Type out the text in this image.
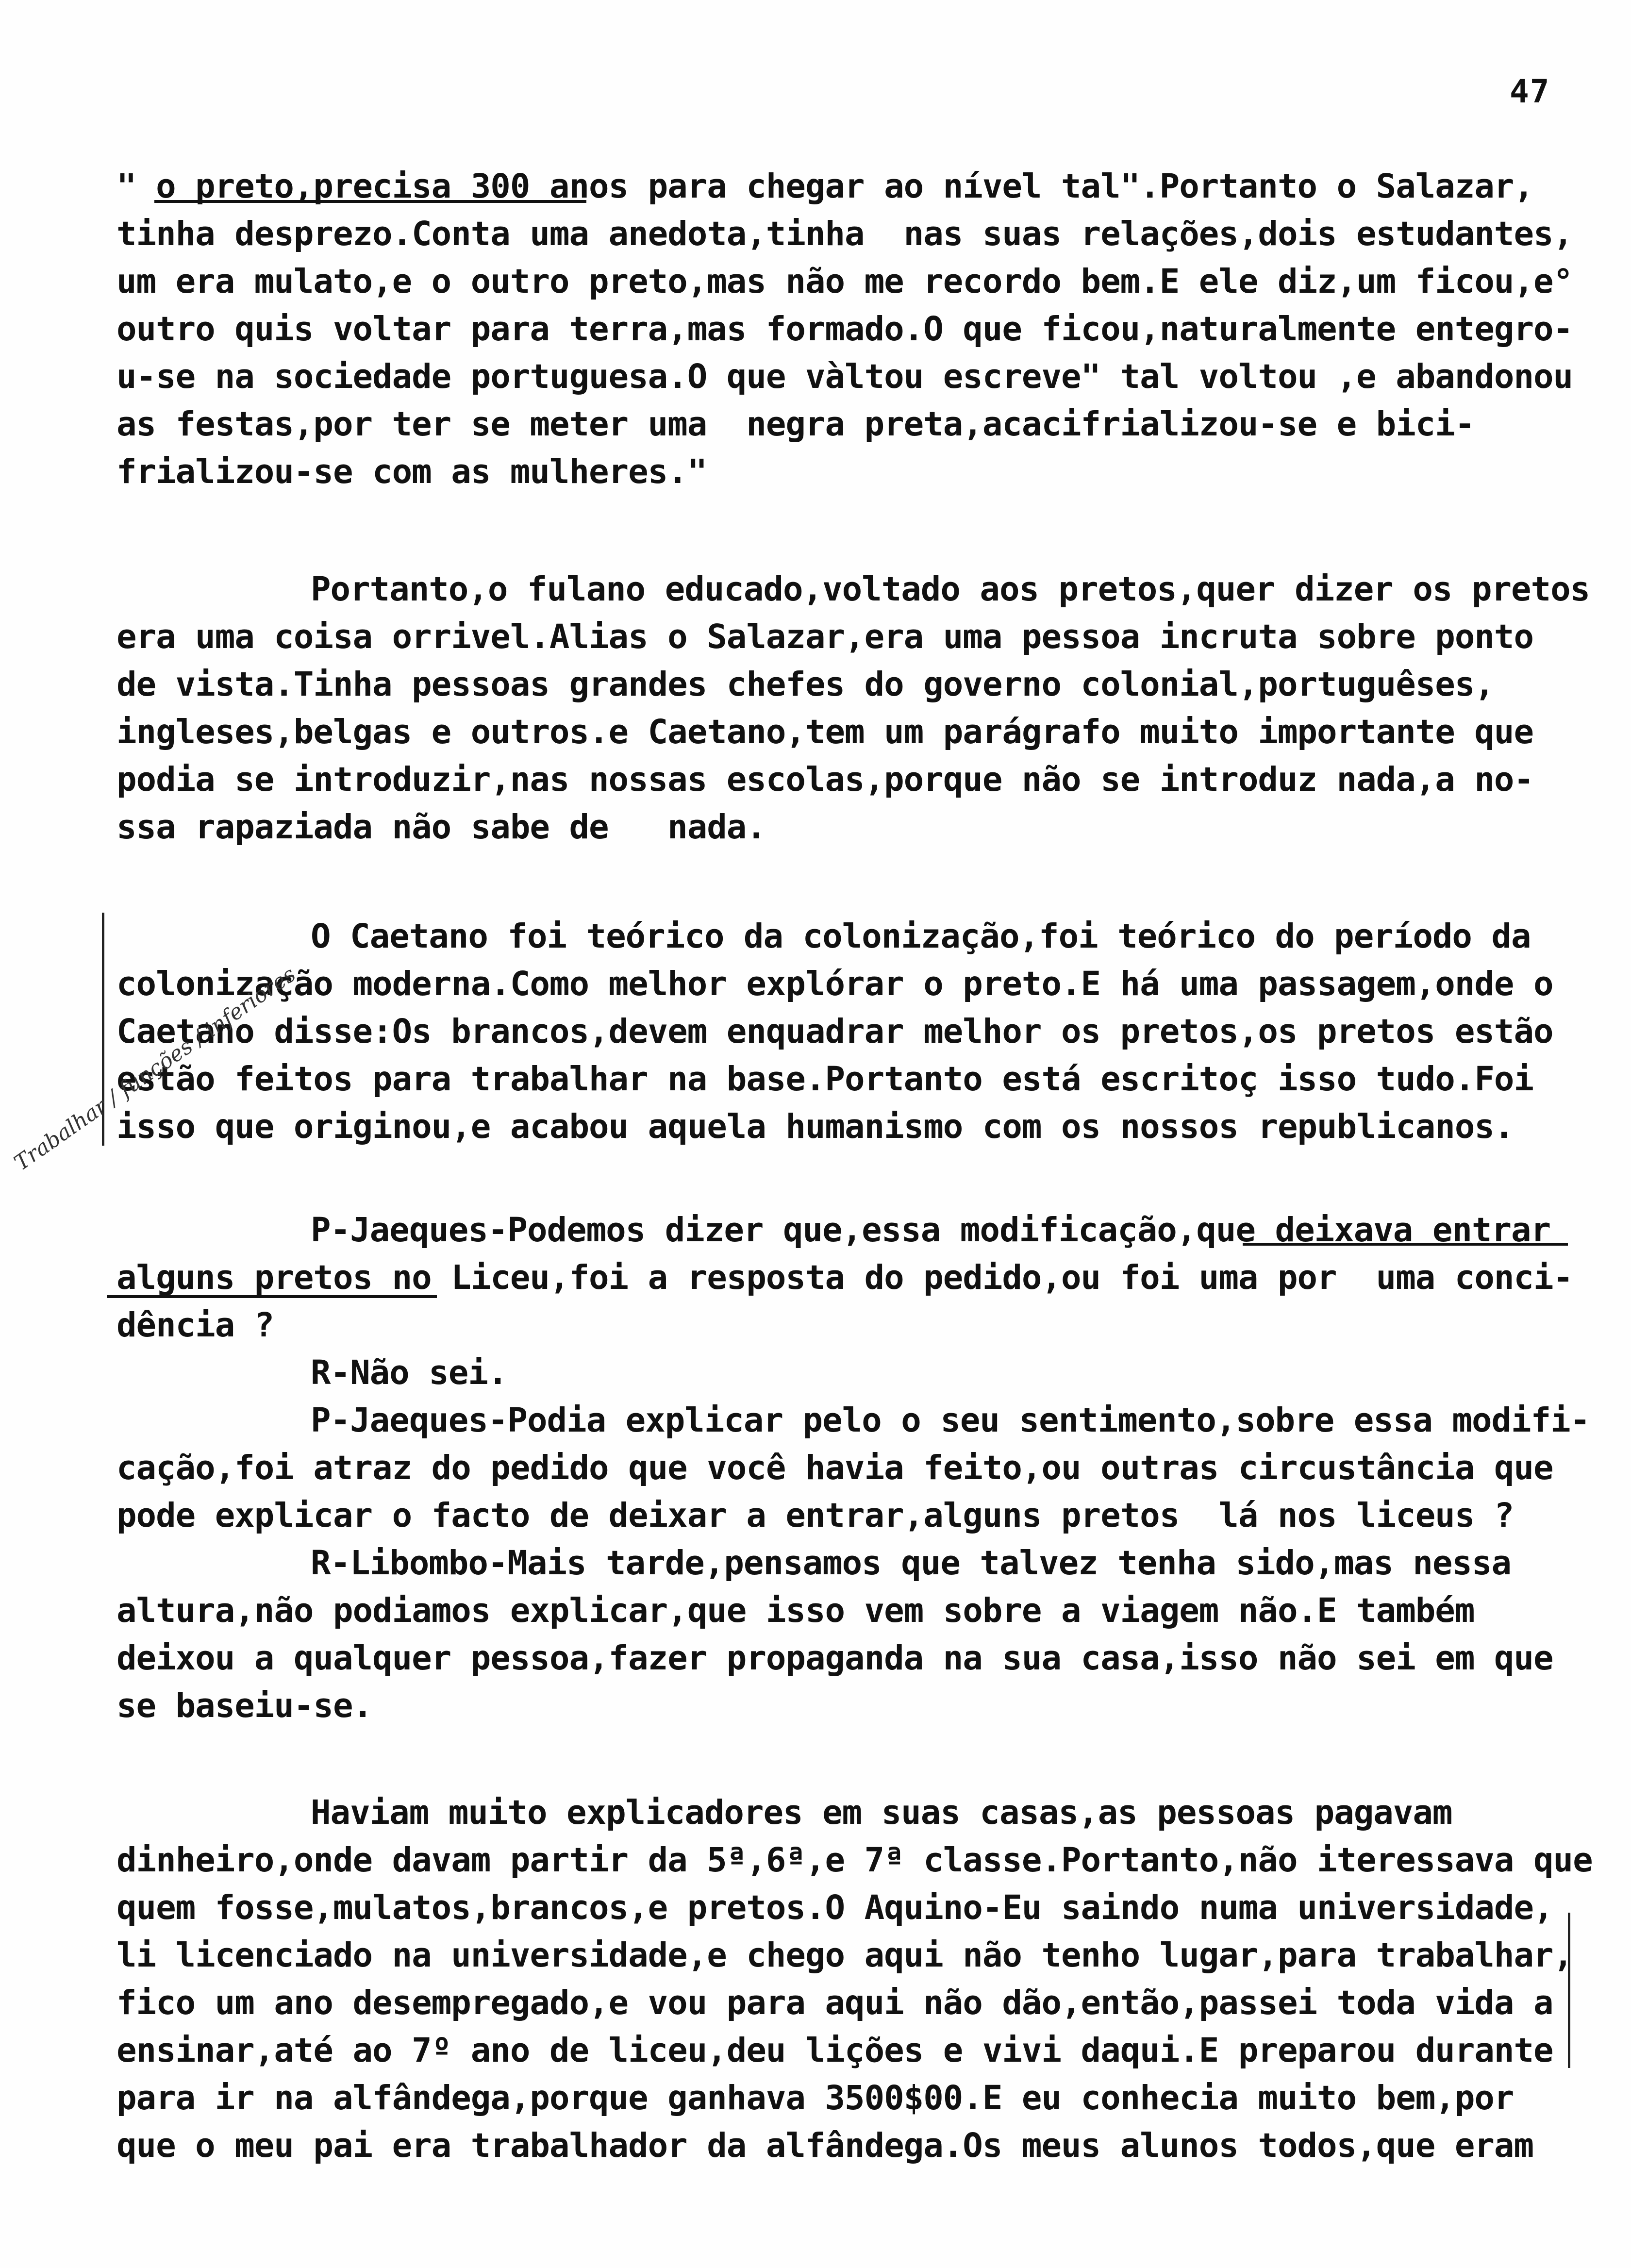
47
" o preto,precisa 300 anos para chegar ao nível tal".Portanto o Salazar,
tinha desprezo.Conta uma anedota,tinha  nas suas relações,dois estudantes,
um era mulato,e o outro preto,mas não me recordo bem.E ele diz,um ficou,e°
outro quis voltar para terra,mas formado.O que ficou,naturalmente entegro-
u-se na sociedade portuguesa.O que vàltou escreve" tal voltou ,e abandonou
as festas,por ter se meter uma  negra preta,acacifrializou-se e bici-
frializou-se com as mulheres."
Portanto,o fulano educado,voltado aos pretos,quer dizer os pretos
era uma coisa orrivel.Alias o Salazar,era uma pessoa incruta sobre ponto
de vista.Tinha pessoas grandes chefes do governo colonial,portuguêses,
ingleses,belgas e outros.e Caetano,tem um parágrafo muito importante que
podia se introduzir,nas nossas escolas,porque não se introduz nada,a no-
ssa rapaziada não sabe de   nada.
O Caetano foi teórico da colonização,foi teórico do período da
colonização moderna.Como melhor explórar o preto.E há uma passagem,onde o
Caetano disse:Os brancos,devem enquadrar melhor os pretos,os pretos estão
estão feitos para trabalhar na base.Portanto está escritoç isso tudo.Foi
isso que originou,e acabou aquela humanismo com os nossos republicanos.
P-Jaeques-Podemos dizer que,essa modificação,que deixava entrar
alguns pretos no Liceu,foi a resposta do pedido,ou foi uma por  uma conci-
dência ?
R-Não sei.
P-Jaeques-Podia explicar pelo o seu sentimento,sobre essa modifi-
cação,foi atraz do pedido que você havia feito,ou outras circustância que
pode explicar o facto de deixar a entrar,alguns pretos  lá nos liceus ?
R-Libombo-Mais tarde,pensamos que talvez tenha sido,mas nessa
altura,não podiamos explicar,que isso vem sobre a viagem não.E também
deixou a qualquer pessoa,fazer propaganda na sua casa,isso não sei em que
se baseiu-se.
Haviam muito explicadores em suas casas,as pessoas pagavam
dinheiro,onde davam partir da 5ª,6ª,e 7ª classe.Portanto,não iteressava que
quem fosse,mulatos,brancos,e pretos.O Aquino-Eu saindo numa universidade,
li licenciado na universidade,e chego aqui não tenho lugar,para trabalhar,
fico um ano desempregado,e vou para aqui não dão,então,passei toda vida a
ensinar,até ao 7º ano de liceu,deu lições e vivi daqui.E preparou durante
para ir na alfândega,porque ganhava 3500$00.E eu conhecia muito bem,por
que o meu pai era trabalhador da alfândega.Os meus alunos todos,que eram
Trabalhar / funções / inferiores
